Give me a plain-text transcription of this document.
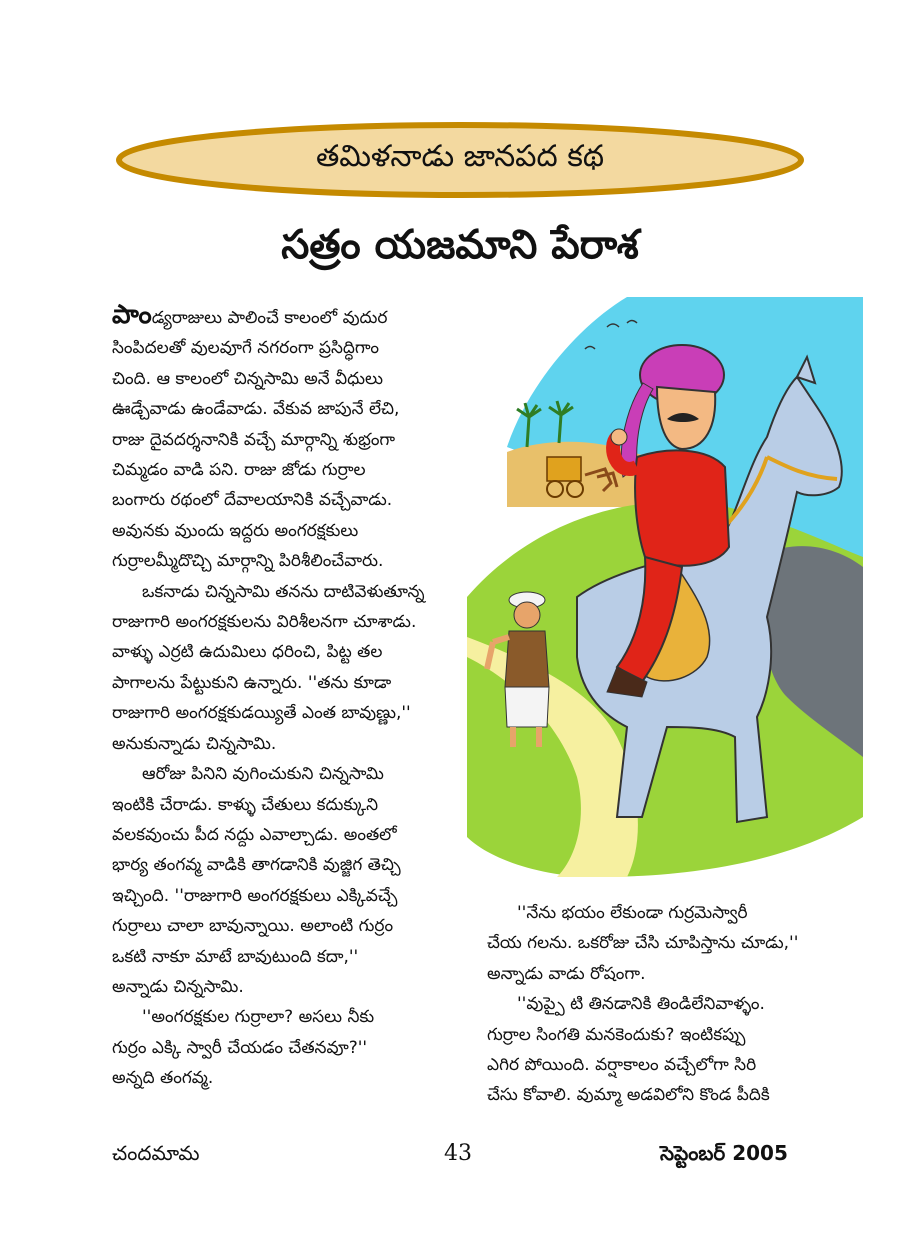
తమిళనాడు జానపద కథ
సత్రం యజమాని పేరాశ

పాండ్యరాజులు పాలించే కాలంలో వుదుర

సింపిదలతో వులవూగే నగరంగా ప్రసిద్ధిగాం

చింది. ఆ కాలంలో చిన్నసామి అనే వీధులు

ఊడ్చేవాడు ఉండేవాడు. వేకువ జాపునే లేచి,

రాజు దైవదర్శనానికి వచ్చే మార్గాన్ని శుభ్రంగా

చిమ్మడం వాడి పని. రాజు జోడు గుర్రాల

బంగారు రథంలో దేవాలయానికి వచ్చేవాడు.

అవునకు వుుందు ఇద్దరు అంగరక్షకులు

గుర్రాలమ్మీదొచ్చి మార్గాన్ని పిరిశీలించేవారు.

ఒకనాడు చిన్నసామి తనను దాటివెళుతూన్న

రాజుగారి అంగరక్షకులను విరిశీలనగా చూశాడు.

వాళ్ళు ఎర్రటి ఉదుమిలు ధరించి, పిట్ట తల

పాగాలను పేట్టుకుని ఉన్నారు. ''తను కూడా

రాజుగారి అంగరక్షకుడయ్యితే ఎంత బావుణ్ణు,''

అనుకున్నాడు చిన్నసామి.

ఆరోజు పినిని వుగించుకుని చిన్నసామి

ఇంటికి చేరాడు. కాళ్ళు చేతులు కదుక్కుని

వలకవుంచు పీద నద్దు ఎవాల్చాడు. అంతలో

భార్య తంగవ్మ వాడికి తాగడానికి వుజ్జిగ తెచ్చి

ఇచ్చింది. ''రాజుగారి అంగరక్షకులు ఎక్కివచ్చే

గుర్రాలు చాలా బావున్నాయి. అలాంటి గుర్రం

ఒకటి నాకూ మాటే బావుటుంది కదా,''

అన్నాడు చిన్నసామి.

''అంగరక్షకుల గుర్రాలా? అసలు నీకు

గుర్రం ఎక్కి స్వారీ చేయడం చేతనవూ?''

అన్నది తంగవ్మ.

''నేను భయం లేకుండా గుర్రమెస్వారీ

చేయ గలను. ఒకరోజు చేసి చూపిస్తాను చూడు,''

అన్నాడు వాడు రోషంగా.

''వుప్పై టి తినడానికి తిండిలేనివాళ్ళం.

గుర్రాల సింగతి మనకెందుకు? ఇంటికప్పు

ఎగిర పోయింది. వర్షాకాలం వచ్చేలోగా సిరి

చేసు కోవాలి. వుమ్మా అడవిలోని కొండ పీదికి

చందమామ	43	సెప్టెంబర్ 2005
